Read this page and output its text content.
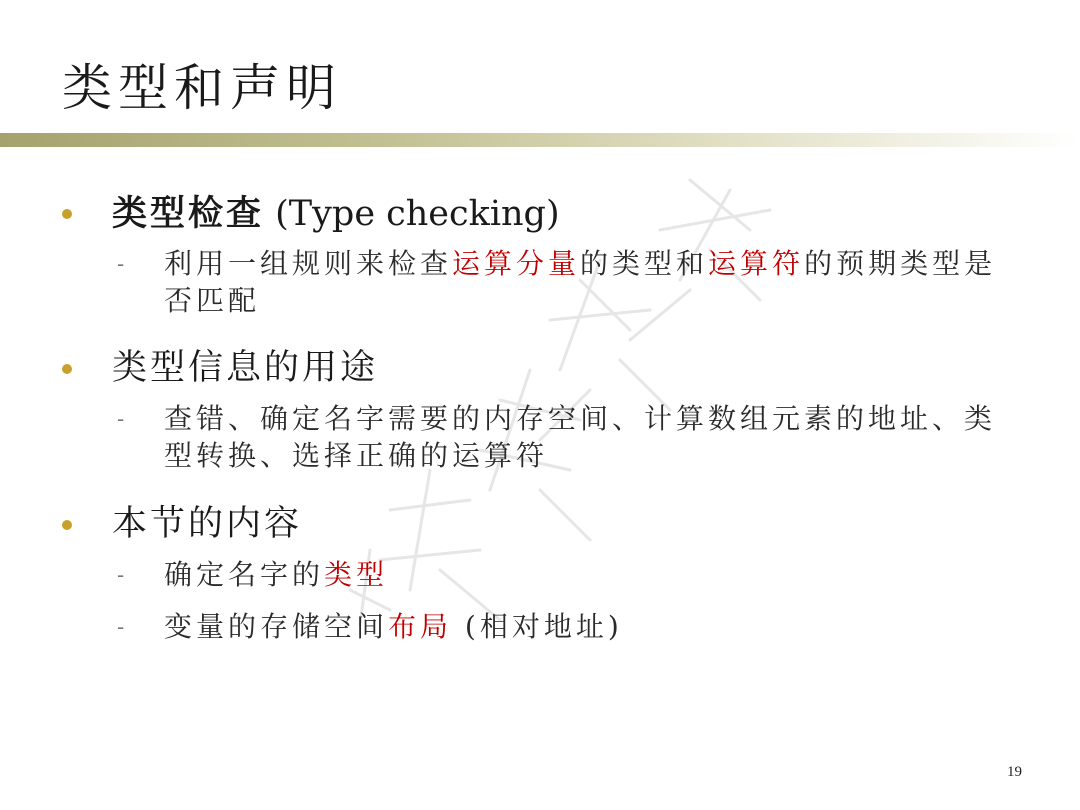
类型和声明
类型检查 (Type checking)
- 利用一组规则来检查运算分量的类型和运算符的预期类型是否匹配
类型信息的用途
- 查错、确定名字需要的内存空间、计算数组元素的地址、类型转换、选择正确的运算符
本节的内容
- 确定名字的类型
- 变量的存储空间布局 (相对地址)
19
